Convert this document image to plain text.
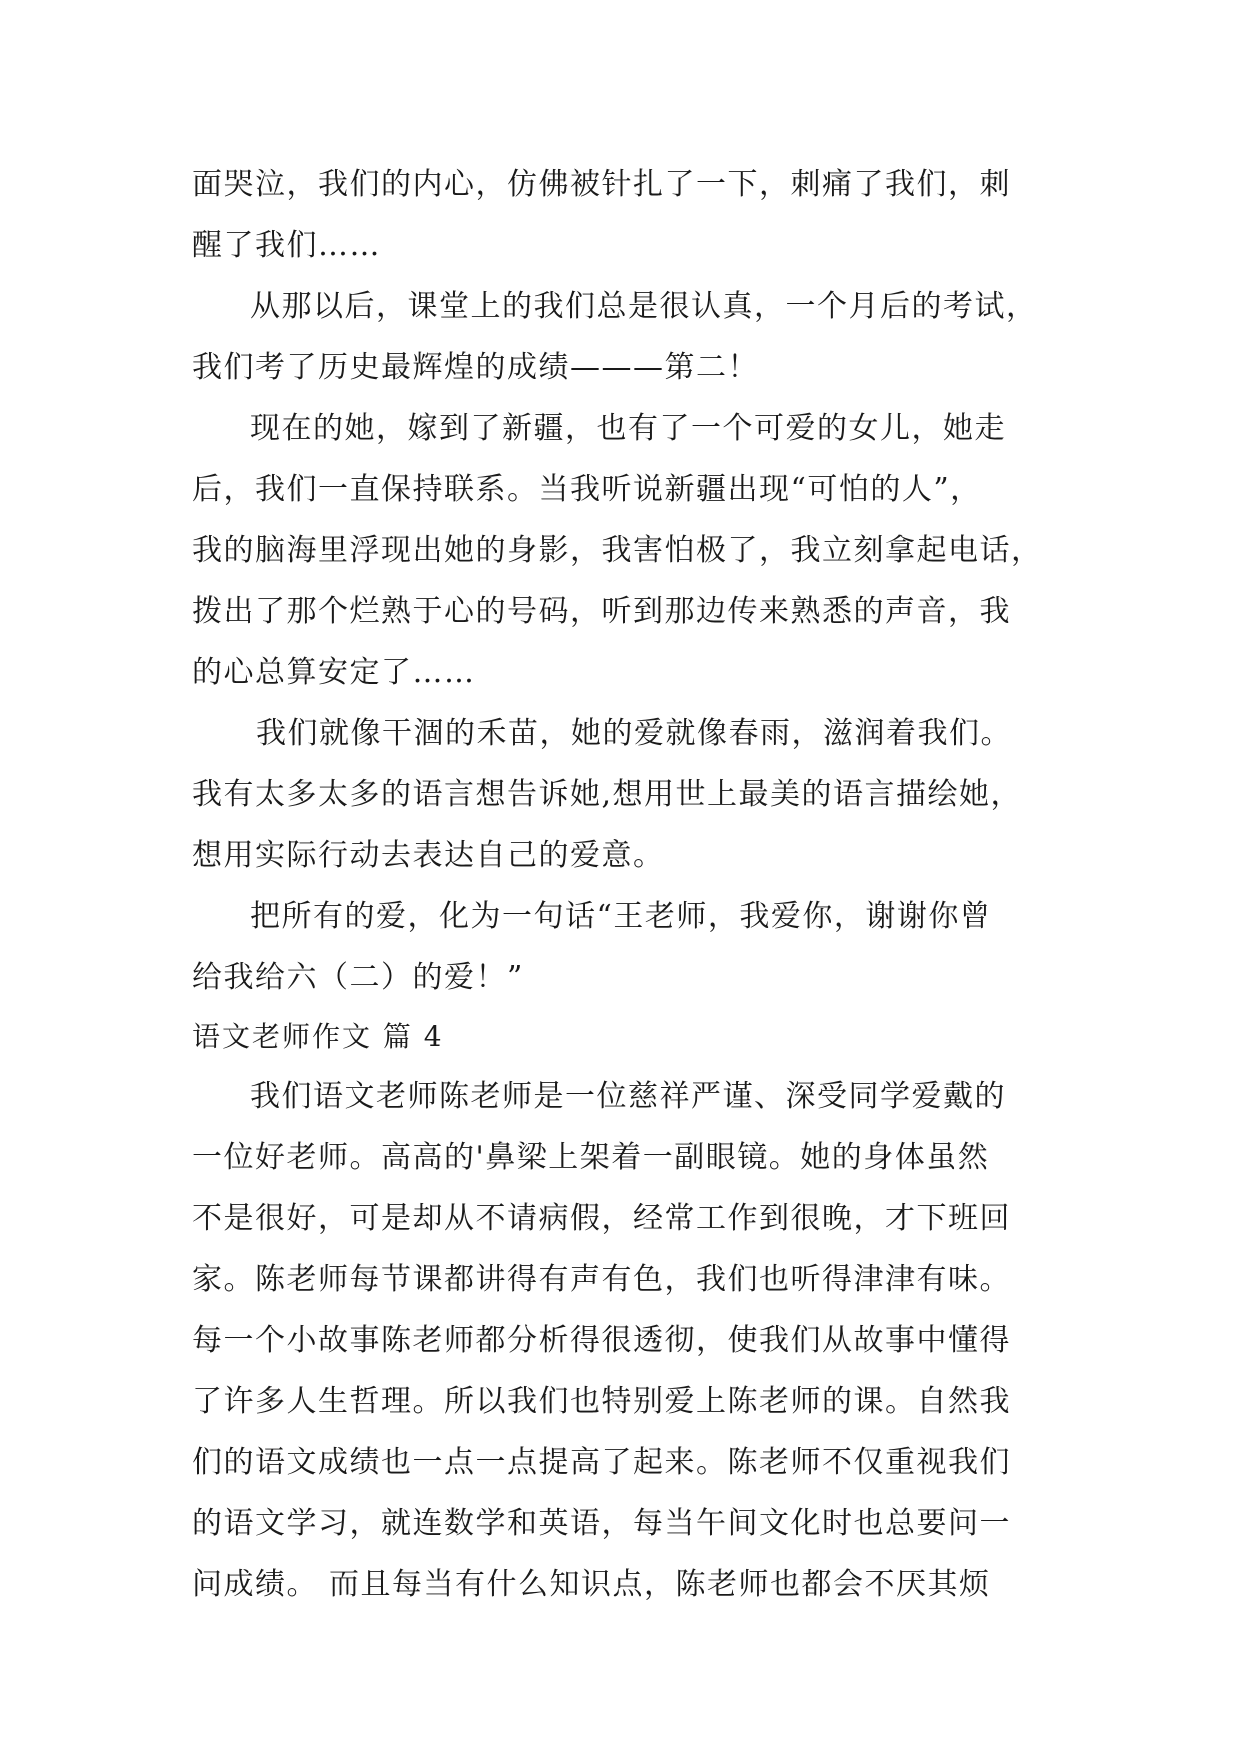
面哭泣，我们的内心，仿佛被针扎了一下，刺痛了我们，刺
醒了我们……
从那以后，课堂上的我们总是很认真，一个月后的考试，
我们考了历史最辉煌的成绩———第二！
现在的她，嫁到了新疆，也有了一个可爱的女儿，她走
后，我们一直保持联系。当我听说新疆出现“可怕的人”，
我的脑海里浮现出她的身影，我害怕极了，我立刻拿起电话，
拨出了那个烂熟于心的号码，听到那边传来熟悉的声音，我
的心总算安定了……
我们就像干涸的禾苗，她的爱就像春雨，滋润着我们。
我有太多太多的语言想告诉她,想用世上最美的语言描绘她，
想用实际行动去表达自己的爱意。
把所有的爱，化为一句话“王老师，我爱你，谢谢你曾
给我给六（二）的爱！”
语文老师作文 篇 4
我们语文老师陈老师是一位慈祥严谨、深受同学爱戴的
一位好老师。高高的'鼻梁上架着一副眼镜。她的身体虽然
不是很好，可是却从不请病假，经常工作到很晚，才下班回
家。陈老师每节课都讲得有声有色，我们也听得津津有味。
每一个小故事陈老师都分析得很透彻，使我们从故事中懂得
了许多人生哲理。所以我们也特别爱上陈老师的课。自然我
们的语文成绩也一点一点提高了起来。陈老师不仅重视我们
的语文学习，就连数学和英语，每当午间文化时也总要问一
问成绩。 而且每当有什么知识点，陈老师也都会不厌其烦
